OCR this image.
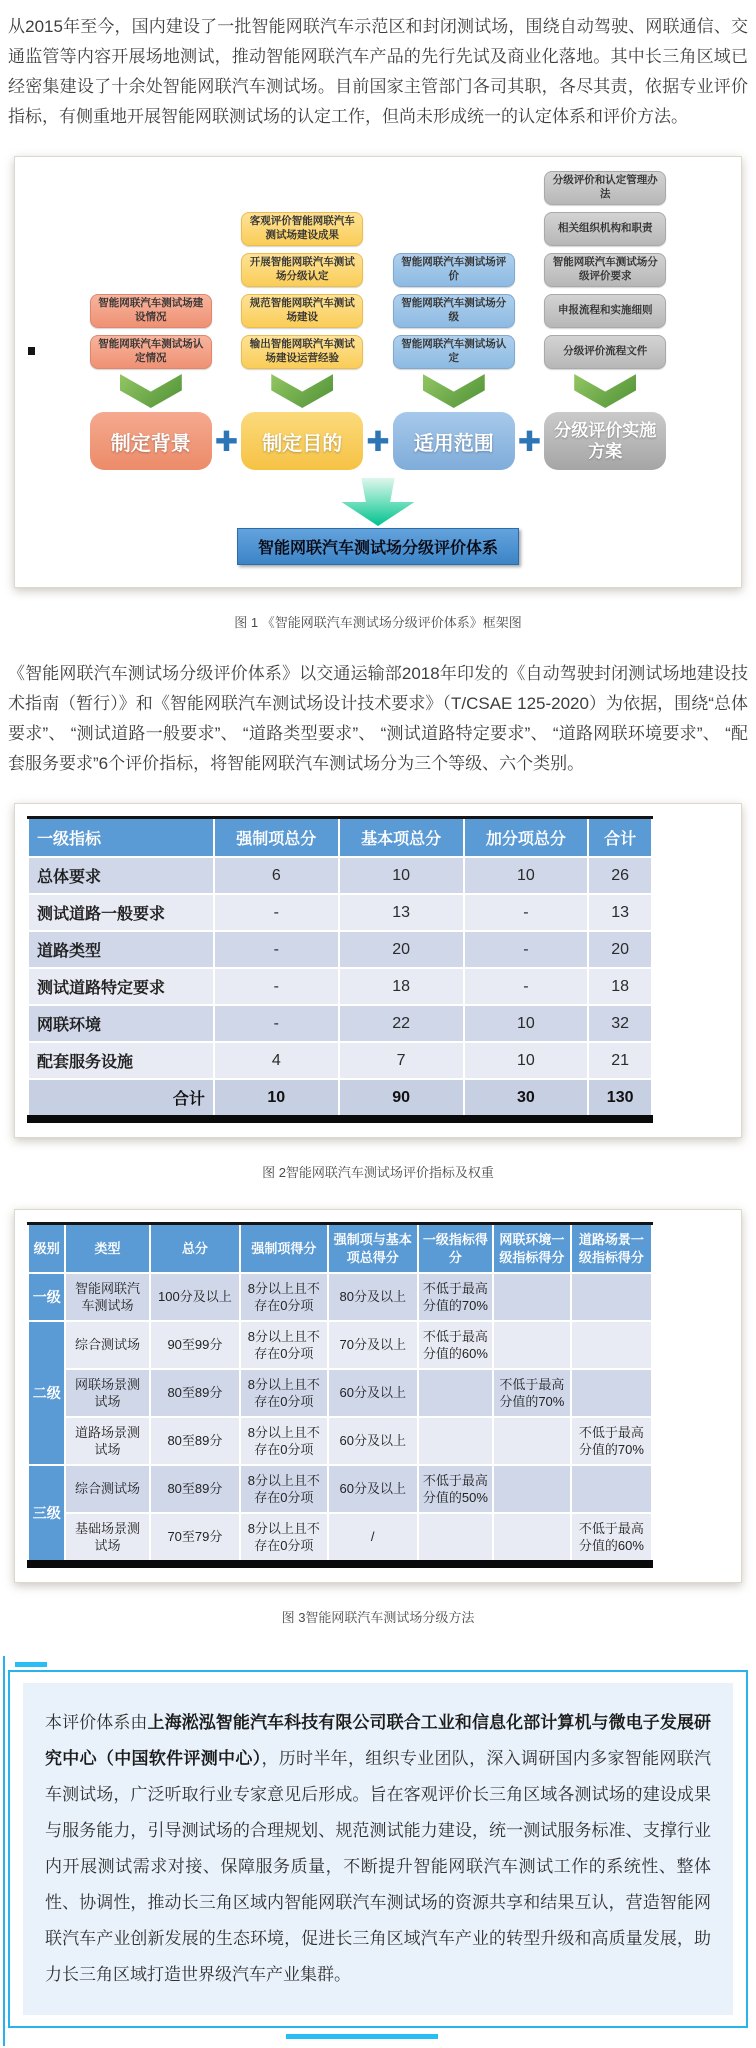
从2015年至今，国内建设了一批智能网联汽车示范区和封闭测试场，围绕自动驾驶、网联通信、交通监管等内容开展场地测试，推动智能网联汽车产品的先行先试及商业化落地。其中长三角区域已经密集建设了十余处智能网联汽车测试场。目前国家主管部门各司其职，各尽其责，依据专业评价指标，有侧重地开展智能网联测试场的认定工作，但尚未形成统一的认定体系和评价方法。

智能网联汽车测试场建设情况
智能网联汽车测试场认定情况
制定背景 ✚
客观评价智能网联汽车测试场建设成果
开展智能网联汽车测试场分级认定
规范智能网联汽车测试场建设
输出智能网联汽车测试场建设运营经验
制定目的 ✚
智能网联汽车测试场评价
智能网联汽车测试场分级
智能网联汽车测试场认定
适用范围 ✚
分级评价和认定管理办法
相关组织机构和职责
智能网联汽车测试场分级评价要求
申报流程和实施细则
分级评价流程文件
分级评价实施方案
智能网联汽车测试场分级评价体系

图 1 《智能网联汽车测试场分级评价体系》框架图

《智能网联汽车测试场分级评价体系》以交通运输部2018年印发的《自动驾驶封闭测试场地建设技术指南（暂行）》和《智能网联汽车测试场设计技术要求》（T/CSAE 125-2020）为依据，围绕“总体要求”、 “测试道路一般要求”、 “道路类型要求”、 “测试道路特定要求”、 “道路网联环境要求”、 “配套服务要求”6个评价指标，将智能网联汽车测试场分为三个等级、六个类别。

一级指标	强制项总分	基本项总分	加分项总分	合计
总体要求	6	10	10	26
测试道路一般要求	-	13	-	13
道路类型	-	20	-	20
测试道路特定要求	-	18	-	18
网联环境	-	22	10	32
配套服务设施	4	7	10	21
合计	10	90	30	130

图 2智能网联汽车测试场评价指标及权重

级别	类型	总分	强制项得分	强制项与基本项总得分	一级指标得分	网联环境一级指标得分	道路场景一级指标得分
一级	智能网联汽车测试场	100分及以上	8分以上且不存在0分项	80分及以上	不低于最高分值的70%		
二级	综合测试场	90至99分	8分以上且不存在0分项	70分及以上	不低于最高分值的60%		
	网联场景测试场	80至89分	8分以上且不存在0分项	60分及以上		不低于最高分值的70%	
	道路场景测试场	80至89分	8分以上且不存在0分项	60分及以上			不低于最高分值的70%
三级	综合测试场	80至89分	8分以上且不存在0分项	60分及以上	不低于最高分值的50%		
	基础场景测试场	70至79分	8分以上且不存在0分项	/			不低于最高分值的60%

图 3智能网联汽车测试场分级方法

本评价体系由上海淞泓智能汽车科技有限公司联合工业和信息化部计算机与微电子发展研究中心（中国软件评测中心），历时半年，组织专业团队，深入调研国内多家智能网联汽车测试场，广泛听取行业专家意见后形成。旨在客观评价长三角区域各测试场的建设成果与服务能力，引导测试场的合理规划、规范测试能力建设，统一测试服务标准、支撑行业内开展测试需求对接、保障服务质量，不断提升智能网联汽车测试工作的系统性、整体性、协调性，推动长三角区域内智能网联汽车测试场的资源共享和结果互认，营造智能网联汽车产业创新发展的生态环境，促进长三角区域汽车产业的转型升级和高质量发展，助力长三角区域打造世界级汽车产业集群。
